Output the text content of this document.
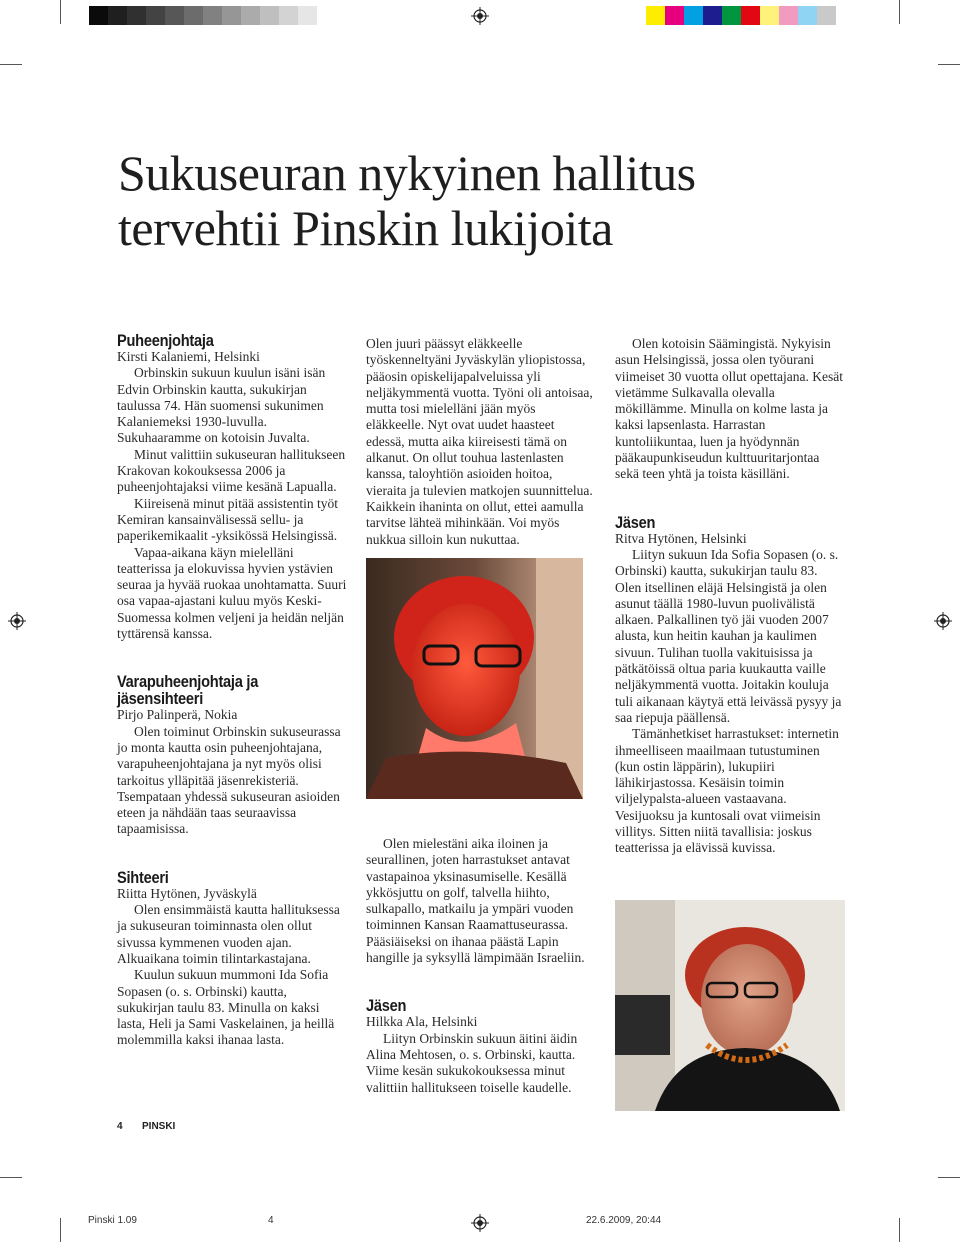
Sukuseuran nykyinen hallitus
tervehtii Pinskin lukijoita
Puheenjohtaja

Kirsti Kalaniemi, Helsinki

Orbinskin sukuun kuulun isäni isän Edvin Orbinskin kautta, sukukirjan taulussa 74. Hän suomensi sukunimen Kalaniemeksi 1930-luvulla. Sukuhaaramme on kotoisin Juvalta.

Minut valittiin sukuseuran hallitukseen Krakovan kokouksessa 2006 ja puheenjohtajaksi viime kesänä Lapualla.

Kiireisenä minut pitää assistentin työt Kemiran kansainvälisessä sellu- ja paperikemikaalit -yksikössä Helsingissä.

Vapaa-aikana käyn mielelläni teatterissa ja elokuvissa hyvien ystävien seuraa ja hyvää ruokaa unohtamatta. Suuri osa vapaa-ajastani kuluu myös Keski-Suomessa kolmen veljeni ja heidän neljän tyttärensä kanssa.

Varapuheenjohtaja ja jäsensihteeri

Pirjo Palinperä, Nokia

Olen toiminut Orbinskin sukuseurassa jo monta kautta osin puheenjohtajana, varapuheenjohtajana ja nyt myös olisi tarkoitus ylläpitää jäsenrekisteriä. Tsempataan yhdessä sukuseuran asioiden eteen ja nähdään taas seuraavissa tapaamisissa.

Sihteeri

Riitta Hytönen, Jyväskylä

Olen ensimmäistä kautta hallituksessa ja sukuseuran toiminnasta olen ollut sivussa kymmenen vuoden ajan. Alkuaikana toimin tilintarkastajana.

Kuulun sukuun mummoni Ida Sofia Sopasen (o. s. Orbinski) kautta, sukukirjan taulu 83. Minulla on kaksi lasta, Heli ja Sami Vaskelainen, ja heillä molemmilla kaksi ihanaa lasta.

Olen juuri päässyt eläkkeelle työskenneltyäni Jyväskylän yliopistossa, pääosin opiskelijapalveluissa yli neljäkymmentä vuotta. Työni oli antoisaa, mutta tosi mielelläni jään myös eläkkeelle. Nyt ovat uudet haasteet edessä, mutta aika kiireisesti tämä on alkanut. On ollut touhua lastenlasten kanssa, taloyhtiön asioiden hoitoa, vieraita ja tulevien matkojen suunnittelua. Kaikkein ihaninta on ollut, ettei aamulla tarvitse lähteä mihinkään. Voi myös nukkua silloin kun nukuttaa.

Olen mielestäni aika iloinen ja seurallinen, joten harrastukset antavat vastapainoa yksinasumiselle. Kesällä ykkösjuttu on golf, talvella hiihto, sulkapallo, matkailu ja ympäri vuoden toiminnen Kansan Raamattuseurassa. Pääsiäiseksi on ihanaa päästä Lapin hangille ja syksyllä lämpimään Israeliin.

Jäsen

Hilkka Ala, Helsinki

Liityn Orbinskin sukuun äitini äidin Alina Mehtosen, o. s. Orbinski, kautta. Viime kesän sukukokouksessa minut valittiin hallitukseen toiselle kaudelle.

Olen kotoisin Säämingistä. Nykyisin asun Helsingissä, jossa olen työurani viimeiset 30 vuotta ollut opettajana. Kesät vietämme Sulkavalla olevalla mökillämme. Minulla on kolme lasta ja kaksi lapsenlasta. Harrastan kuntoliikuntaa, luen ja hyödynnän pääkaupunkiseudun kulttuuritarjontaa sekä teen yhtä ja toista käsilläni.

Jäsen

Ritva Hytönen, Helsinki

Liityn sukuun Ida Sofia Sopasen (o. s. Orbinski) kautta, sukukirjan taulu 83. Olen itsellinen eläjä Helsingistä ja olen asunut täällä 1980-luvun puolivälistä alkaen. Palkallinen työ jäi vuoden 2007 alusta, kun heitin kauhan ja kaulimen sivuun. Tulihan tuolla vakituisissa ja pätkätöissä oltua paria kuukautta vaille neljäkymmentä vuotta. Joitakin kouluja tuli aikanaan käytyä että leivässä pysyy ja saa riepuja päällensä.

Tämänhetkiset harrastukset: internetin ihmeelliseen maailmaan tutustuminen (kun ostin läppärin), lukupiiri lähikirjastossa. Kesäisin toimin viljelypalsta-alueen vastaavana. Vesijuoksu ja kuntosali ovat viimeisin villitys. Sitten niitä tavallisia: joskus teatterissa ja elävissä kuvissa.

4 PINSKI
Pinski 1.09	4	22.6.2009, 20:44
